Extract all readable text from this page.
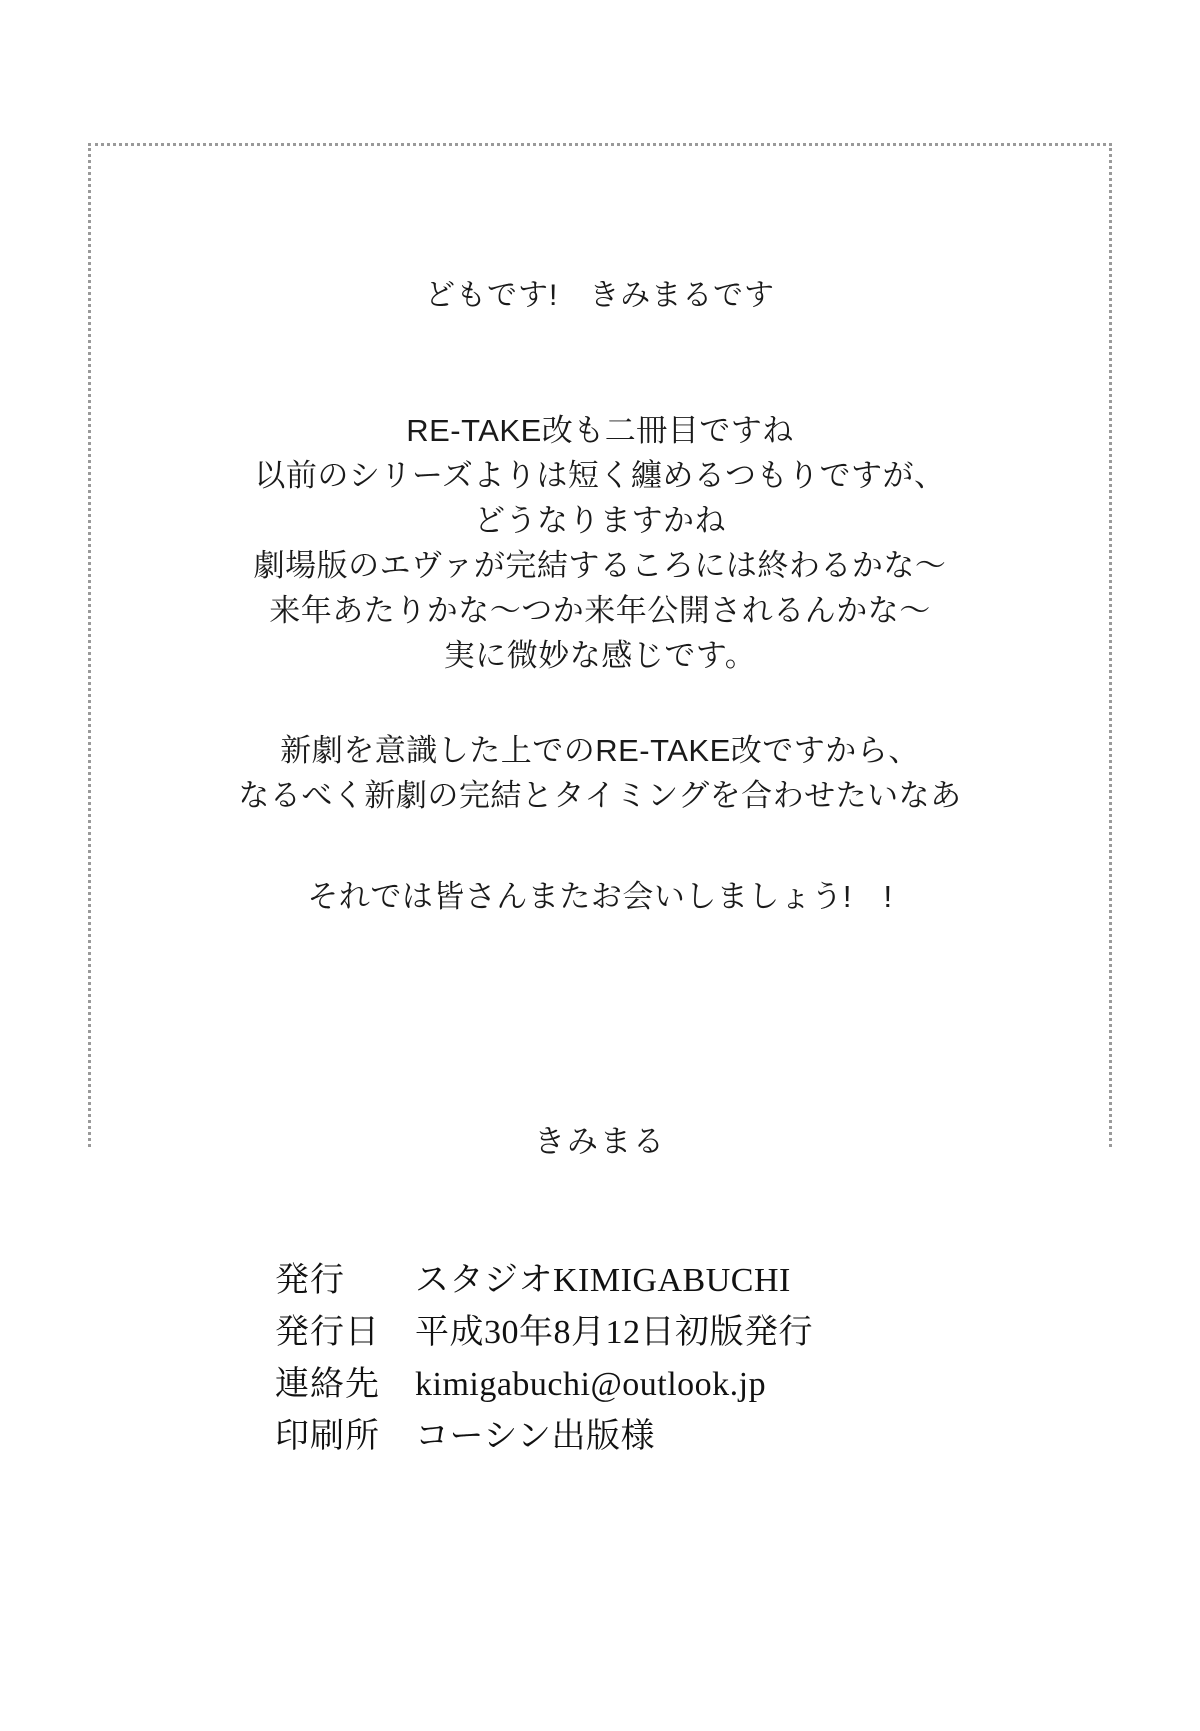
どもです!　きみまるです
RE-TAKE改も二冊目ですね
以前のシリーズよりは短く纏めるつもりですが、
どうなりますかね
劇場版のエヴァが完結するころには終わるかな～
来年あたりかな～つか来年公開されるんかな～
実に微妙な感じです。
新劇を意識した上でのRE-TAKE改ですから、
なるべく新劇の完結とタイミングを合わせたいなあ
それでは皆さんまたお会いしましょう!　!
きみまる
発行	スタジオKIMIGABUCHI
発行日	平成30年8月12日初版発行
連絡先	kimigabuchi@outlook.jp
印刷所	コーシン出版様
